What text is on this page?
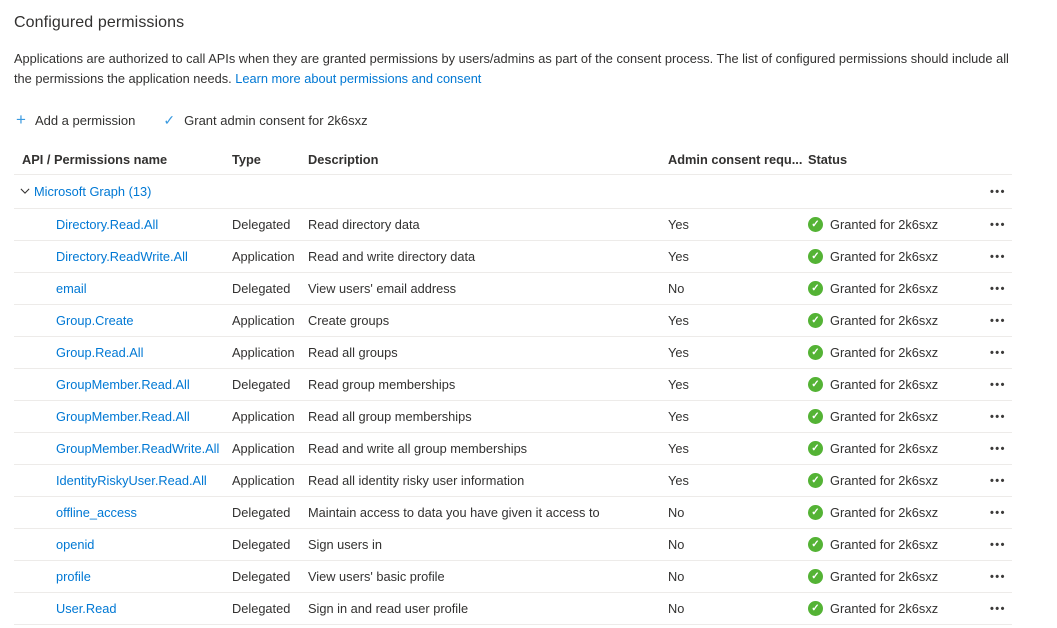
Configured permissions

Applications are authorized to call APIs when they are granted permissions by users/admins as part of the consent process. The list of configured permissions should include all the permissions the application needs. Learn more about permissions and consent

+ Add a permission ✓ Grant admin consent for 2k6sxz
API / Permissions name	Type	Description	Admin consent requ... Status
Microsoft Graph (13)	•••
Directory.Read.All	Delegated	Read directory data	Yes	✓ Granted for 2k6sxz	•••
Directory.ReadWrite.All	Application	Read and write directory data	Yes	✓ Granted for 2k6sxz	•••
email	Delegated	View users' email address	No	✓ Granted for 2k6sxz	•••
Group.Create	Application	Create groups	Yes	✓ Granted for 2k6sxz	•••
Group.Read.All	Application	Read all groups	Yes	✓ Granted for 2k6sxz	•••
GroupMember.Read.All	Delegated	Read group memberships	Yes	✓ Granted for 2k6sxz	•••
GroupMember.Read.All	Application	Read all group memberships	Yes	✓ Granted for 2k6sxz	•••
GroupMember.ReadWrite.All Application	Read and write all group memberships	Yes	✓ Granted for 2k6sxz	•••
IdentityRiskyUser.Read.All	Application	Read all identity risky user information	Yes	✓ Granted for 2k6sxz	•••
offline_access	Delegated	Maintain access to data you have given it access to	No	✓ Granted for 2k6sxz	•••
openid	Delegated	Sign users in	No	✓ Granted for 2k6sxz	•••
profile	Delegated	View users' basic profile	No	✓ Granted for 2k6sxz	•••
User.Read	Delegated	Sign in and read user profile	No	✓ Granted for 2k6sxz	•••
